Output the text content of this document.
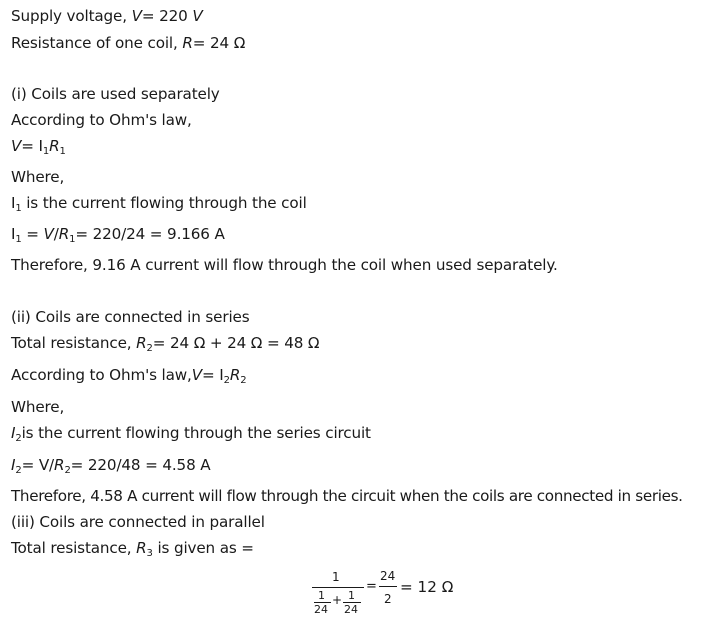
Supply voltage, V= 220 V
Resistance of one coil, R= 24 Ω
(i) Coils are used separately
According to Ohm's law,
$V= I_1R_1$
Where,
$I_1$ is the current flowing through the coil
$I_1 = V/R_1= 220/24 = 9.166$ A
Therefore, 9.16 A current will flow through the coil when used separately.
(ii) Coils are connected in series
Total resistance, $R_2= 24$ Ω + 24 Ω = 48 Ω
According to Ohm's $law,V= I_2R_2$
Where,
$I_2is$ the current flowing through the series circuit
$I_2= V/R_2= 220/48 = 4.58$ A
Therefore, 4.58 A current will flow through the circuit when the coils are connected in series.
(iii) Coils are connected in parallel
Total resistance, $R_3$ is given as =
1
1
24
+ 1
24
=
24
2
= 12 Ω
